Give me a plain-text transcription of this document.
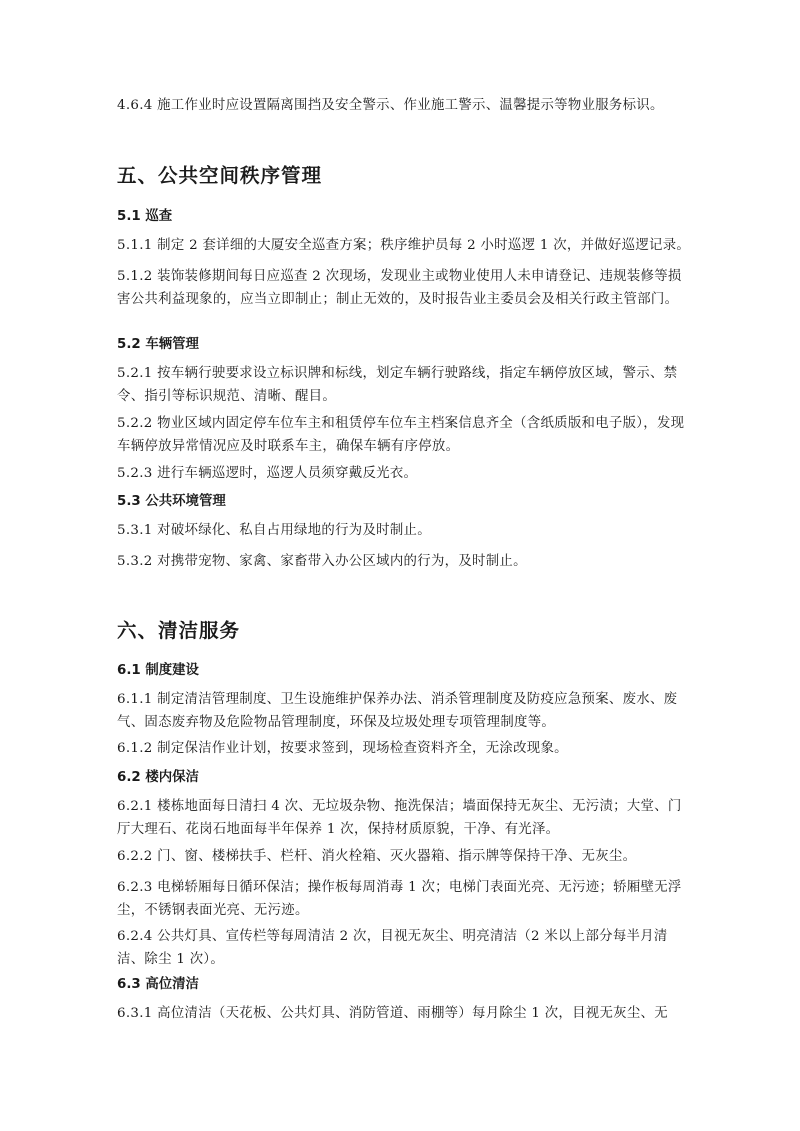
4.6.4 施工作业时应设置隔离围挡及安全警示、作业施工警示、温馨提示等物业服务标识。

五、公共空间秩序管理
5.1 巡查

5.1.1 制定 2 套详细的大厦安全巡查方案；秩序维护员每 2 小时巡逻 1 次，并做好巡逻记录。

5.1.2 装饰装修期间每日应巡查 2 次现场，发现业主或物业使用人未申请登记、违规装修等损害公共利益现象的，应当立即制止；制止无效的，及时报告业主委员会及相关行政主管部门。

5.2 车辆管理

5.2.1 按车辆行驶要求设立标识牌和标线，划定车辆行驶路线，指定车辆停放区域，警示、禁令、指引等标识规范、清晰、醒目。

5.2.2 物业区域内固定停车位车主和租赁停车位车主档案信息齐全（含纸质版和电子版），发现车辆停放异常情况应及时联系车主，确保车辆有序停放。

5.2.3 进行车辆巡逻时，巡逻人员须穿戴反光衣。

5.3 公共环境管理

5.3.1 对破坏绿化、私自占用绿地的行为及时制止。

5.3.2 对携带宠物、家禽、家畜带入办公区域内的行为，及时制止。

六、清洁服务
6.1 制度建设

6.1.1 制定清洁管理制度、卫生设施维护保养办法、消杀管理制度及防疫应急预案、废水、废气、固态废弃物及危险物品管理制度，环保及垃圾处理专项管理制度等。

6.1.2 制定保洁作业计划，按要求签到，现场检查资料齐全，无涂改现象。

6.2 楼内保洁

6.2.1 楼栋地面每日清扫 4 次、无垃圾杂物、拖洗保洁；墙面保持无灰尘、无污渍；大堂、门厅大理石、花岗石地面每半年保养 1 次，保持材质原貌，干净、有光泽。

6.2.2 门、窗、楼梯扶手、栏杆、消火栓箱、灭火器箱、指示牌等保持干净、无灰尘。

6.2.3 电梯轿厢每日循环保洁；操作板每周消毒 1 次；电梯门表面光亮、无污迹；轿厢壁无浮尘，不锈钢表面光亮、无污迹。

6.2.4 公共灯具、宣传栏等每周清洁 2 次，目视无灰尘、明亮清洁（2 米以上部分每半月清洁、除尘 1 次）。

6.3 高位清洁

6.3.1 高位清洁（天花板、公共灯具、消防管道、雨棚等）每月除尘 1 次，目视无灰尘、无
